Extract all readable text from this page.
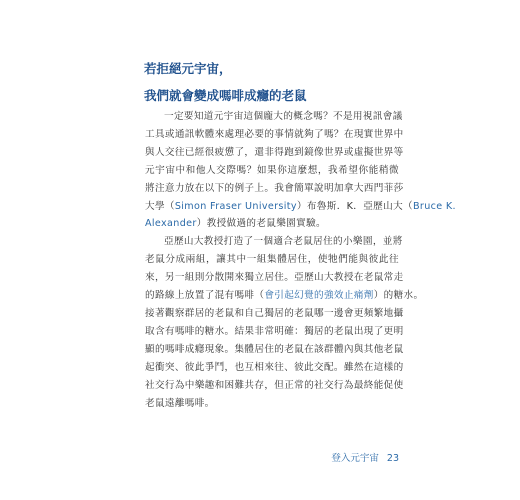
若拒絕元宇宙，
我們就會變成嗎啡成癮的老鼠
一定要知道元宇宙這個龐大的概念嗎？不是用視訊會議
工具或通訊軟體來處理必要的事情就夠了嗎？在現實世界中
與人交往已經很疲憊了，還非得跑到鏡像世界或虛擬世界等
元宇宙中和他人交際嗎？如果你這麼想，我希望你能稍微
將注意力放在以下的例子上。我會簡單說明加拿大西門菲莎
大學（Simon Fraser University）布魯斯．K．亞歷山大（Bruce K.
Alexander）教授做過的老鼠樂園實驗。
亞歷山大教授打造了一個適合老鼠居住的小樂園，並將
老鼠分成兩組，讓其中一組集體居住，使牠們能與彼此往
來，另一組則分散開來獨立居住。亞歷山大教授在老鼠常走
的路線上放置了混有嗎啡（會引起幻覺的強效止痛劑）的糖水。
接著觀察群居的老鼠和自己獨居的老鼠哪一邊會更頻繁地攝
取含有嗎啡的糖水。結果非常明確：獨居的老鼠出現了更明
顯的嗎啡成癮現象。集體居住的老鼠在該群體內與其他老鼠
起衝突、彼此爭鬥，也互相來往、彼此交配。雖然在這樣的
社交行為中樂趣和困難共存，但正常的社交行為最終能促使
老鼠遠離嗎啡。
登入元宇宙 23
